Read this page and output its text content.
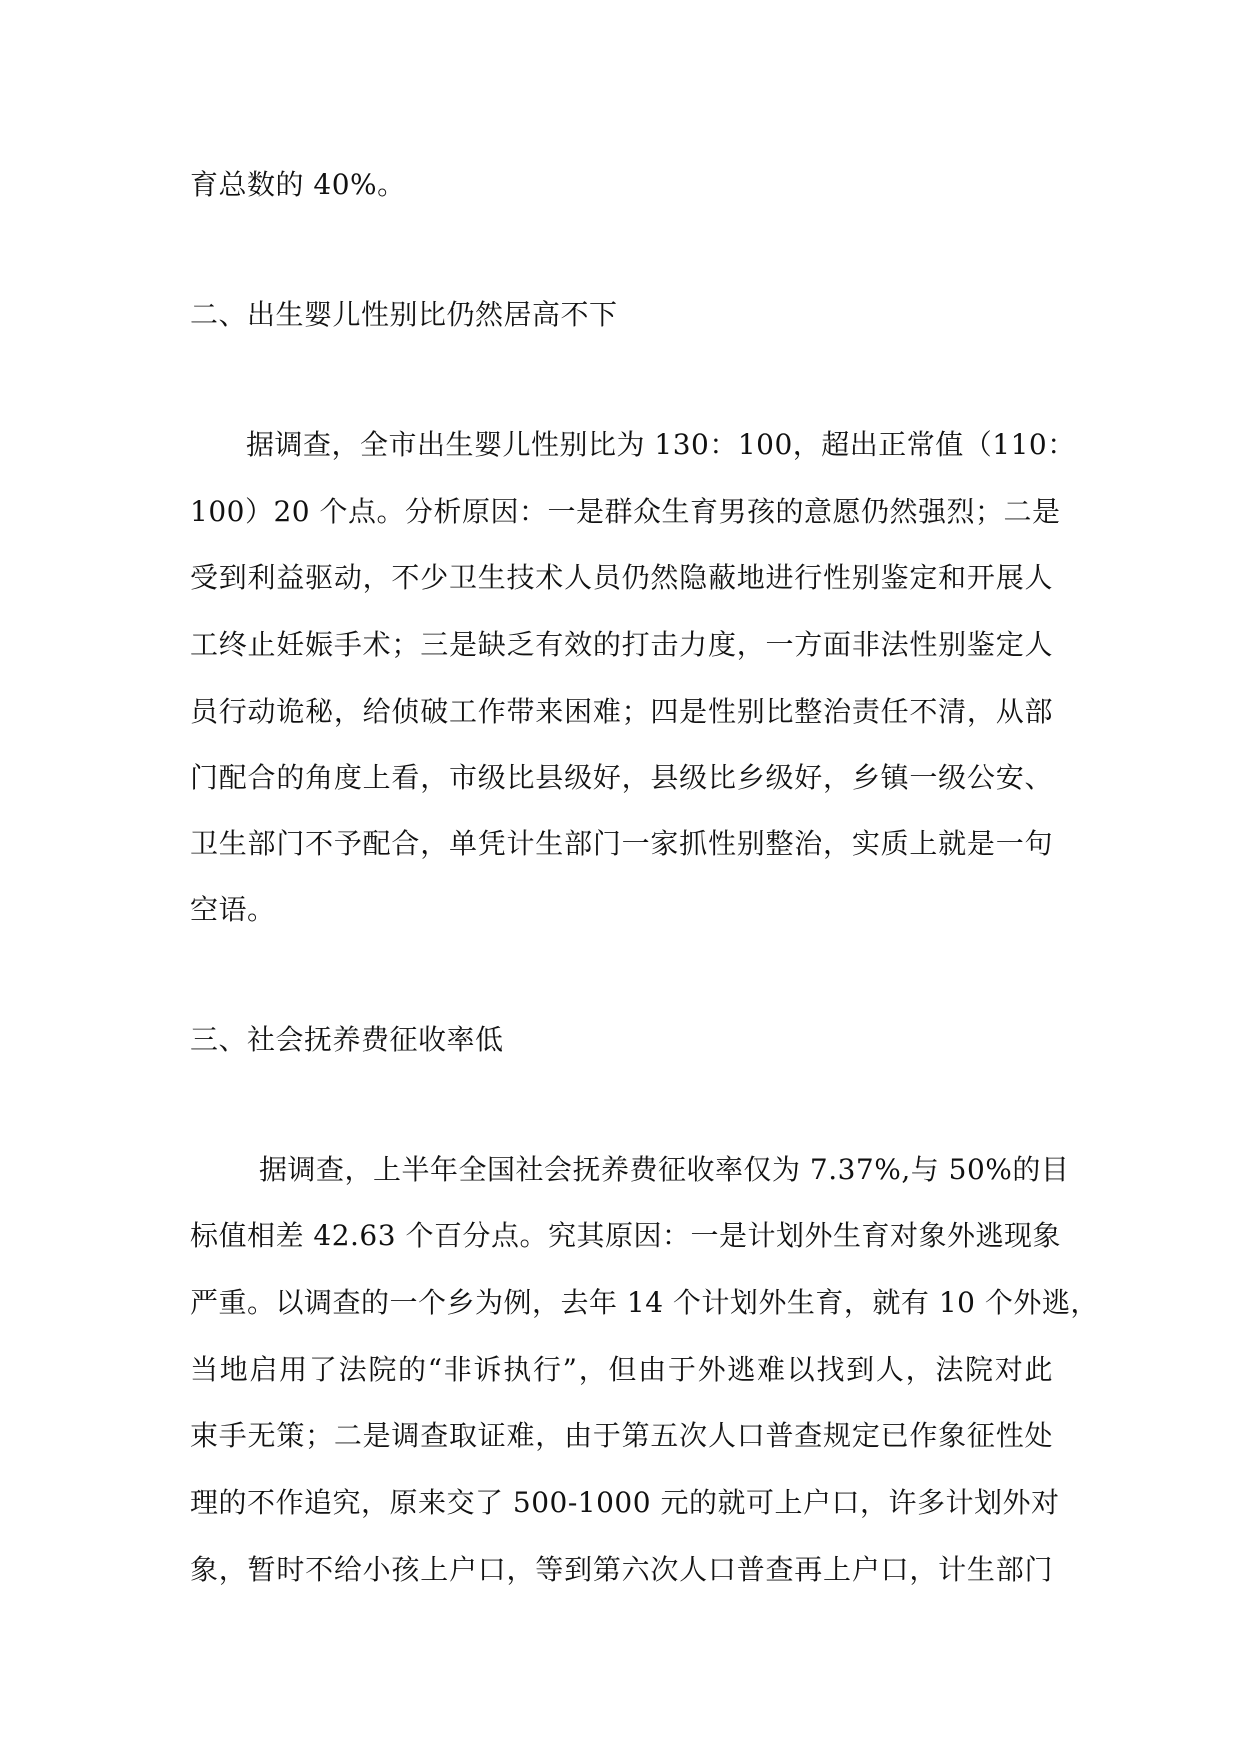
育总数的 40%。
二、出生婴儿性别比仍然居高不下
据调查，全市出生婴儿性别比为 130：100，超出正常值（110：
100）20 个点。分析原因：一是群众生育男孩的意愿仍然强烈；二是
受到利益驱动，不少卫生技术人员仍然隐蔽地进行性别鉴定和开展人
工终止妊娠手术；三是缺乏有效的打击力度，一方面非法性别鉴定人
员行动诡秘，给侦破工作带来困难；四是性别比整治责任不清，从部
门配合的角度上看，市级比县级好，县级比乡级好，乡镇一级公安、
卫生部门不予配合，单凭计生部门一家抓性别整治，实质上就是一句
空语。
三、社会抚养费征收率低
据调查，上半年全国社会抚养费征收率仅为 7.37%,与 50%的目
标值相差 42.63 个百分点。究其原因：一是计划外生育对象外逃现象
严重。以调查的一个乡为例，去年 14 个计划外生育，就有 10 个外逃，
当地启用了法院的“非诉执行”，但由于外逃难以找到人，法院对此
束手无策；二是调查取证难，由于第五次人口普查规定已作象征性处
理的不作追究，原来交了 500-1000 元的就可上户口，许多计划外对
象，暂时不给小孩上户口，等到第六次人口普查再上户口，计生部门
